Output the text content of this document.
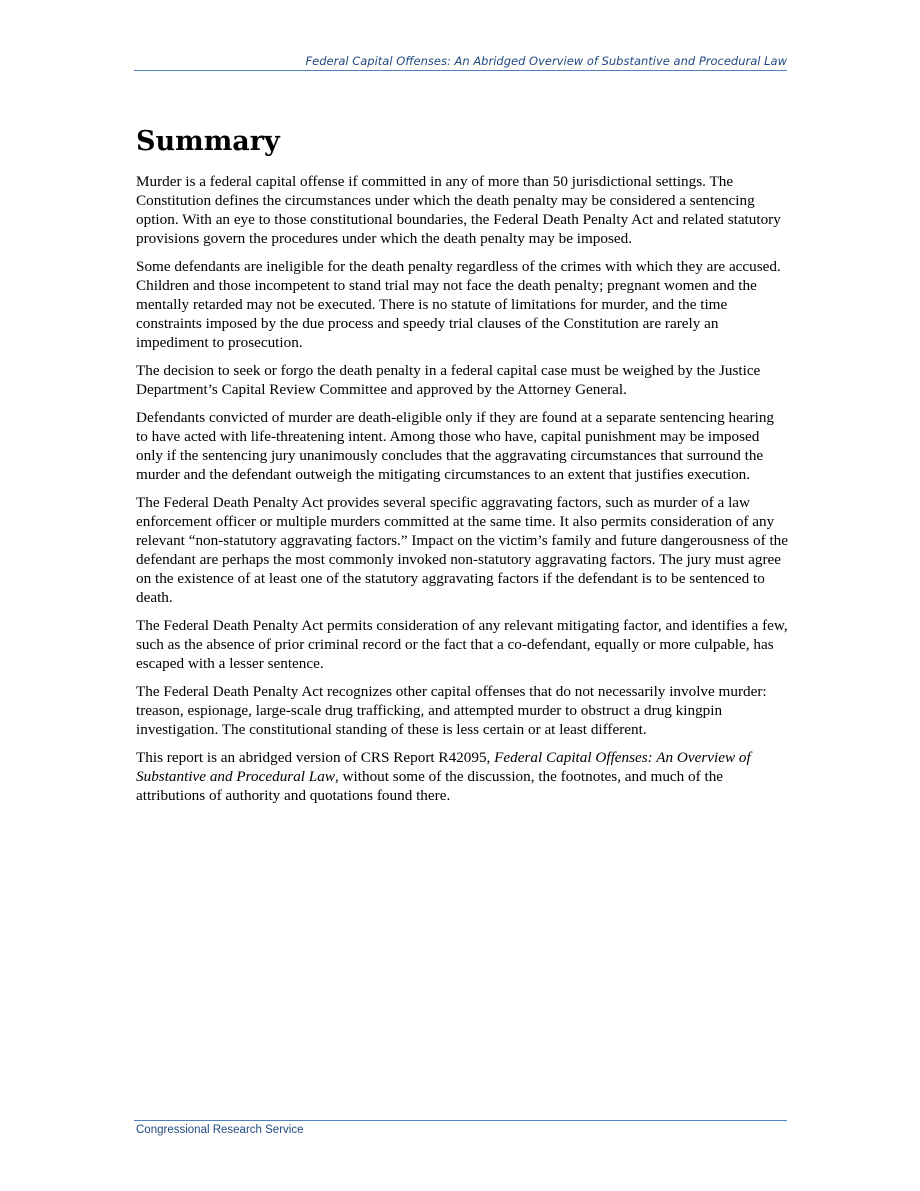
Federal Capital Offenses: An Abridged Overview of Substantive and Procedural Law
Summary

Murder is a federal capital offense if committed in any of more than 50 jurisdictional settings. The Constitution defines the circumstances under which the death penalty may be considered a sentencing option. With an eye to those constitutional boundaries, the Federal Death Penalty Act and related statutory provisions govern the procedures under which the death penalty may be imposed.

Some defendants are ineligible for the death penalty regardless of the crimes with which they are accused. Children and those incompetent to stand trial may not face the death penalty; pregnant women and the mentally retarded may not be executed. There is no statute of limitations for murder, and the time constraints imposed by the due process and speedy trial clauses of the Constitution are rarely an impediment to prosecution.

The decision to seek or forgo the death penalty in a federal capital case must be weighed by the Justice Department’s Capital Review Committee and approved by the Attorney General.

Defendants convicted of murder are death-eligible only if they are found at a separate sentencing hearing to have acted with life-threatening intent. Among those who have, capital punishment may be imposed only if the sentencing jury unanimously concludes that the aggravating circumstances that surround the murder and the defendant outweigh the mitigating circumstances to an extent that justifies execution.

The Federal Death Penalty Act provides several specific aggravating factors, such as murder of a law enforcement officer or multiple murders committed at the same time. It also permits consideration of any relevant “non-statutory aggravating factors.” Impact on the victim’s family and future dangerousness of the defendant are perhaps the most commonly invoked non-statutory aggravating factors. The jury must agree on the existence of at least one of the statutory aggravating factors if the defendant is to be sentenced to death.

The Federal Death Penalty Act permits consideration of any relevant mitigating factor, and identifies a few, such as the absence of prior criminal record or the fact that a co-defendant, equally or more culpable, has escaped with a lesser sentence.

The Federal Death Penalty Act recognizes other capital offenses that do not necessarily involve murder: treason, espionage, large-scale drug trafficking, and attempted murder to obstruct a drug kingpin investigation. The constitutional standing of these is less certain or at least different.

This report is an abridged version of CRS Report R42095, Federal Capital Offenses: An Overview of Substantive and Procedural Law, without some of the discussion, the footnotes, and much of the attributions of authority and quotations found there.

Congressional Research Service
